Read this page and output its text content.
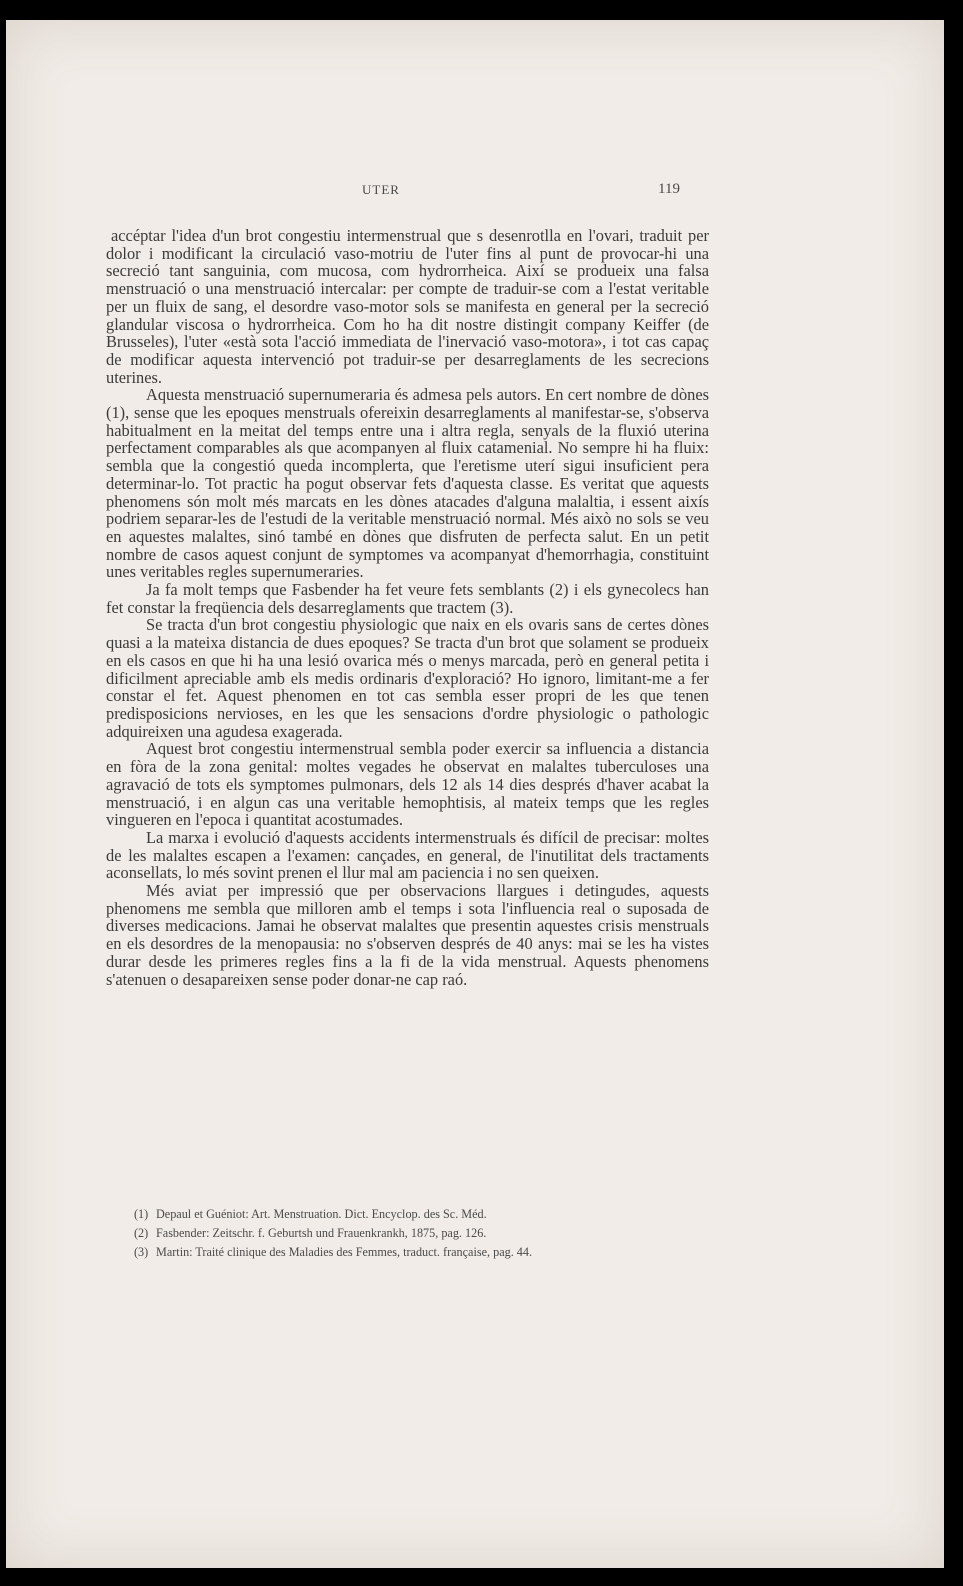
UTER	119

accéptar l'idea d'un brot congestiu intermenstrual que s desenrotlla en l'ovari, traduit per dolor i modificant la circulació vaso-motriu de l'uter fins al punt de provocar-hi una secreció tant sanguinia, com mucosa, com hydrorrheica. Així se produeix una falsa menstruació o una menstruació intercalar: per compte de traduir-se com a l'estat veritable per un fluix de sang, el desordre vaso-motor sols se manifesta en general per la secreció glandular viscosa o hydrorrheica. Com ho ha dit nostre distingit company Keiffer (de Brusseles), l'uter «està sota l'acció immediata de l'inervació vaso-motora», i tot cas capaç de modificar aquesta intervenció pot traduir-se per desarreglaments de les secrecions uterines.

Aquesta menstruació supernumeraria és admesa pels autors. En cert nombre de dònes (1), sense que les epoques menstruals ofereixin desarreglaments al manifestar-se, s'observa habitualment en la meitat del temps entre una i altra regla, senyals de la fluxió uterina perfectament comparables als que acompanyen al fluix catamenial. No sempre hi ha fluix: sembla que la congestió queda incomplerta, que l'eretisme uterí sigui insuficient pera determinar-lo. Tot practic ha pogut observar fets d'aquesta classe. Es veritat que aquests phenomens són molt més marcats en les dònes atacades d'alguna malaltia, i essent aixís podriem separar-les de l'estudi de la veritable menstruació normal. Més això no sols se veu en aquestes malaltes, sinó també en dònes que disfruten de perfecta salut. En un petit nombre de casos aquest conjunt de symptomes va acompanyat d'hemorrhagia, constituint unes veritables regles supernumeraries.

Ja fa molt temps que Fasbender ha fet veure fets semblants (2) i els gynecolecs han fet constar la freqüencia dels desarreglaments que tractem (3).

Se tracta d'un brot congestiu physiologic que naix en els ovaris sans de certes dònes quasi a la mateixa distancia de dues epoques? Se tracta d'un brot que solament se produeix en els casos en que hi ha una lesió ovarica més o menys marcada, però en general petita i dificilment apreciable amb els medis ordinaris d'exploració? Ho ignoro, limitant-me a fer constar el fet. Aquest phenomen en tot cas sembla esser propri de les que tenen predisposicions nervioses, en les que les sensacions d'ordre physiologic o pathologic adquireixen una agudesa exagerada.

Aquest brot congestiu intermenstrual sembla poder exercir sa influencia a distancia en fòra de la zona genital: moltes vegades he observat en malaltes tuberculoses una agravació de tots els symptomes pulmonars, dels 12 als 14 dies després d'haver acabat la menstruació, i en algun cas una veritable hemophtisis, al mateix temps que les regles vingueren en l'epoca i quantitat acostumades.

La marxa i evolució d'aquests accidents intermenstruals és difícil de precisar: moltes de les malaltes escapen a l'examen: cançades, en general, de l'inutilitat dels tractaments aconsellats, lo més sovint prenen el llur mal am paciencia i no sen queixen.

Més aviat per impressió que per observacions llargues i detingudes, aquests phenomens me sembla que milloren amb el temps i sota l'influencia real o suposada de diverses medicacions. Jamai he observat malaltes que presentin aquestes crisis menstruals en els desordres de la menopausia: no s'observen després de 40 anys: mai se les ha vistes durar desde les primeres regles fins a la fi de la vida menstrual. Aquests phenomens s'atenuen o desapareixen sense poder donar-ne cap raó.

(1) Depaul et Guéniot: Art. Menstruation. Dict. Encyclop. des Sc. Méd.
(2) Fasbender: Zeitschr. f. Geburtsh und Frauenkrankh, 1875, pag. 126.
(3) Martin: Traité clinique des Maladies des Femmes, traduct. française, pag. 44.
